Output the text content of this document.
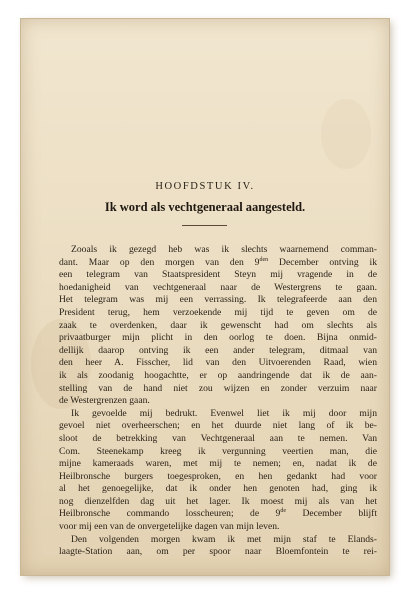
HOOFDSTUK IV.
Ik word als vechtgeneraal aangesteld.
Zooals ik gezegd heb was ik slechts waarnemend comman-
dant. Maar op den morgen van den $9^{den}$ December ontving ik
een telegram van Staatspresident Steyn mij vragende in de
hoedanigheid van vechtgeneraal naar de Westergrens te gaan.
Het telegram was mij een verrassing. Ik telegrafeerde aan den
President terug, hem verzoekende mij tijd te geven om de
zaak te overdenken, daar ik gewenscht had om slechts als
privaatburger mijn plicht in den oorlog te doen. Bijna onmid-
dellijk daarop ontving ik een ander telegram, ditmaal van
den heer A. Fisscher, lid van den Uitvoerenden Raad, wien
ik als zoodanig hoogachtte, er op aandringende dat ik de aan-
stelling van de hand niet zou wijzen en zonder verzuim naar
de Westergrenzen gaan.
Ik gevoelde mij bedrukt. Evenwel liet ik mij door mijn
gevoel niet overheerschen; en het duurde niet lang of ik be-
sloot de betrekking van Vechtgeneraal aan te nemen. Van
Com. Steenekamp kreeg ik vergunning veertien man, die
mijne kameraads waren, met mij te nemen; en, nadat ik de
Heilbronsche burgers toegesproken, en hen gedankt had voor
al het genoegelijke, dat ik onder hen genoten had, ging ik
nog dienzelfden dag uit het lager. Ik moest mij als van het
Heilbronsche commando losscheuren; de 9de December blijft
voor mij een van de onvergetelijke dagen van mijn leven.
Den volgenden morgen kwam ik met mijn staf te Elands-
laagte-Station aan, om per spoor naar Bloemfontein te rei-
